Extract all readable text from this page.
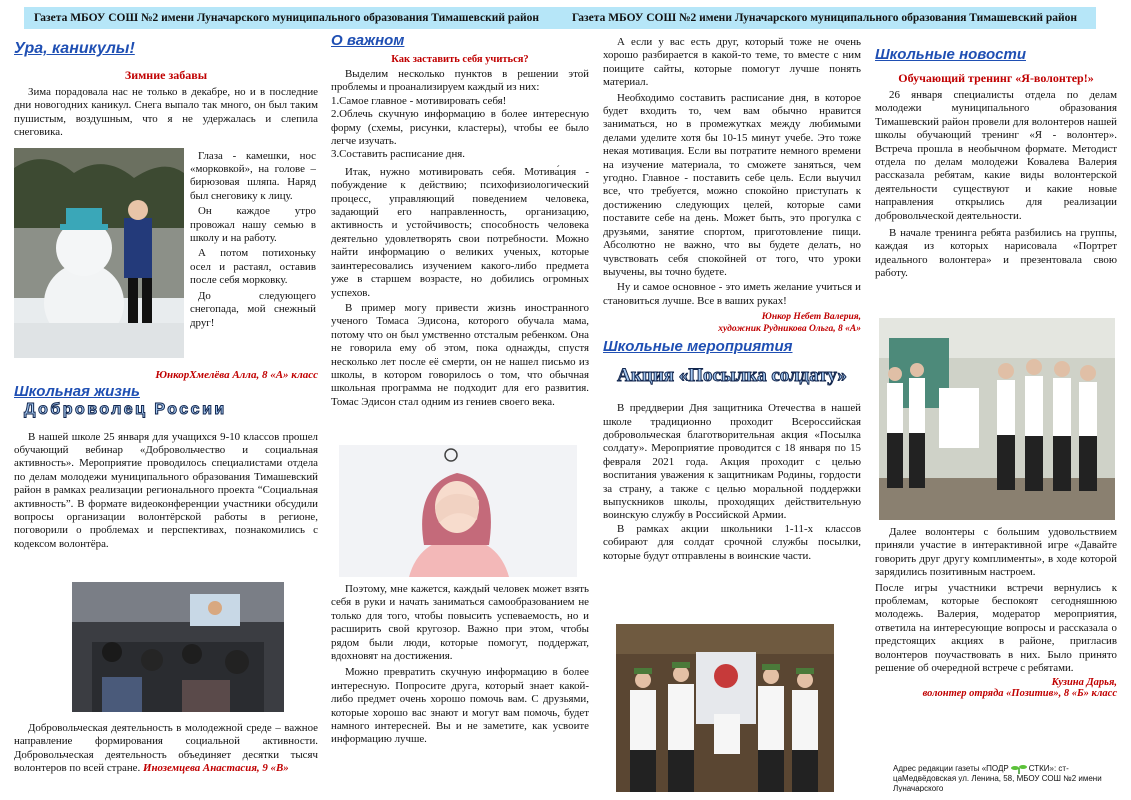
Газета МБОУ СОШ №2 имени Луначарского муниципального образования Тимашевский район	Газета МБОУ СОШ №2 имени Луначарского муниципального образования Тимашевский район
Ура, каникулы!
Зимние забавы

Зима порадовала нас не только в декабре, но и в последние дни новогодних каникул. Снега выпало так много, он был таким пушистым, воздушным, что я не удержалась и слепила снеговика.

Глаза - камешки, нос «морковкой», на голове – бирюзовая шляпа. Наряд был снеговику к лицу.

Он каждое утро провожал нашу семью в школу и на работу.

А потом потихоньку осел и растаял, оставив после себя морковку.

До следующего снегопада, мой снежный друг!

ЮнкорХмелёва Алла, 8 «А» класс
Школьная жизнь
Доброволец России

В нашей школе 25 января для учащихся 9-10 классов прошел обучающий вебинар «Добровольчество и социальная активность». Мероприятие проводилось специалистами отдела по делам молодежи муниципального образования Тимашевский район в рамках реализации регионального проекта “Социальная активность”. В формате видеоконференции участники обсудили вопросы организации волонтёрской работы в регионе, поговорили о проблемах и перспективах, познакомились с кодексом волонтёра.

Добровольческая деятельность в молодежной среде – важное направление формирования социальной активности. Добровольческая деятельность объединяет десятки тысяч волонтеров по всей стране. Иноземцева Анастасия, 9 «В»

О важном
Как заставить себя учиться?

Выделим несколько пунктов в решении этой проблемы и проанализируем каждый из них:

1.Самое главное - мотивировать себя!

2.Облечь скучную информацию в более интересную форму (схемы, рисунки, кластеры), чтобы ее было легче изучать.

3.Составить расписание дня.

Итак, нужно мотивировать себя. Мотива́ция - побуждение к действию; психофизиологический процесс, управляющий поведением человека, задающий его направленность, организацию, активность и устойчивость; способность человека деятельно удовлетворять свои потребности. Можно найти информацию о великих ученых, которые заинтересовались изучением какого-либо предмета уже в старшем возрасте, но добились огромных успехов.

В пример могу привести жизнь иностранного ученого Томаса Эдисона, которого обучала мама, потому что он был умственно отсталым ребенком. Она не говорила ему об этом, пока однажды, спустя несколько лет после её смерти, он не нашел письмо из школы, в котором говорилось о том, что обычная школьная программа не подходит для его развития. Томас Эдисон стал одним из гениев своего века.

Поэтому, мне кажется, каждый человек может взять себя в руки и начать заниматься самообразованием не только для того, чтобы повысить успеваемость, но и расширить свой кругозор. Важно при этом, чтобы рядом были люди, которые помогут, поддержат, вдохновят на достижения.

Можно превратить скучную информацию в более интересную. Попросите друга, который знает какой-либо предмет очень хорошо помочь вам. С друзьями, которые хорошо вас знают и могут вам помочь, будет намного интересней. Вы и не заметите, как усвоите информацию лучше.

А если у вас есть друг, который тоже не очень хорошо разбирается в какой-то теме, то вместе с ним поищите сайты, которые помогут лучше понять материал.

Необходимо составить расписание дня, в которое будет входить то, чем вам обычно нравится заниматься, но в промежутках между любимыми делами уделите хотя бы 10-15 минут учебе. Это тоже некая мотивация. Если вы потратите немного времени на изучение материала, то сможете заняться, чем угодно. Главное - поставить себе цель. Если выучил все, что требуется, можно спокойно приступать к достижению следующих целей, которые сами поставите себе на день. Может быть, это прогулка с друзьями, занятие спортом, приготовление пищи. Абсолютно не важно, что вы будете делать, но чувствовать себя спокойней от того, что уроки выучены, вы точно будете.

Ну и самое основное - это иметь желание учиться и становиться лучше. Все в ваших руках!

Юнкор Небет Валерия,
художник Рудникова Ольга, 8 «А»
Школьные мероприятия
Акция «Посылка солдату»

В преддверии Дня защитника Отечества в нашей школе традиционно проходит Всероссийская добровольческая благотворительная акция «Посылка солдату». Мероприятие проводится с 18 января по 15 февраля 2021 года. Акция проходит с целью воспитания уважения к защитникам Родины, гордости за страну, а также с целью моральной поддержки выпускников школы, проходящих действительную воинскую службу в Российской Армии.

В рамках акции школьники 1-11-х классов собирают для солдат срочной службы посылки, которые будут отправлены в воинские части.

Школьные новости
Обучающий тренинг «Я-волонтер!»

26 января специалисты отдела по делам молодежи муниципального образования Тимашевский район провели для волонтеров нашей школы обучающий тренинг «Я - волонтер». Встреча прошла в необычном формате. Методист отдела по делам молодежи Ковалева Валерия рассказала ребятам, какие виды волонтерской деятельности существуют и какие новые направления открылись для реализации добровольческой деятельности.

В начале тренинга ребята разбились на группы, каждая из которых нарисовала «Портрет идеального волонтера» и презентовала свою работу.

Далее волонтеры с большим удовольствием приняли участие в интерактивной игре «Давайте говорить друг другу комплименты», в ходе которой зарядились позитивным настроем.

После игры участники встречи вернулись к проблемам, которые беспокоят сегодняшнюю молодежь. Валерия, модератор мероприятия, ответила на интересующие вопросы и рассказала о предстоящих акциях в районе, пригласив волонтеров поучаствовать в них. Было принято решение об очередной встрече с ребятами.

Кузина Дарья,
волонтер отряда «Позитив», 8 «Б» класс
Адрес редакции газеты «ПОДР	СТКИ»: ст-цаМедвёдовская ул. Ленина, 58, МБОУ СОШ №2 имени Луначарского
